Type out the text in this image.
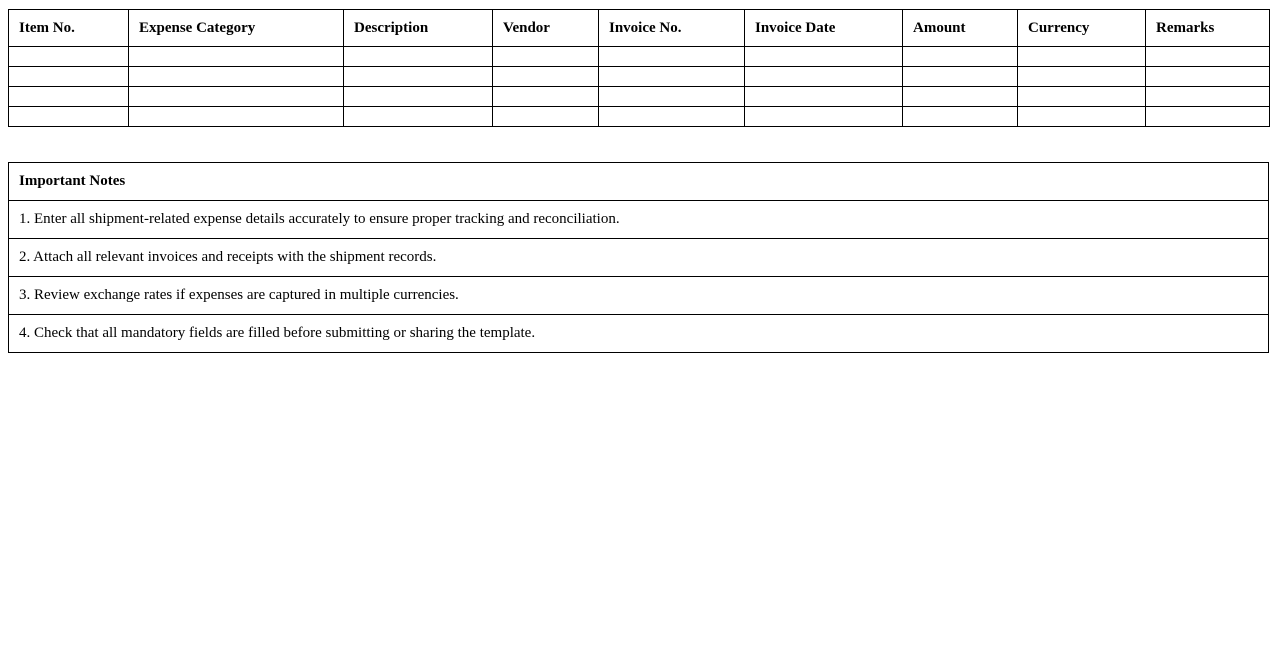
Item No.	Expense Category	Description	Vendor	Invoice No.	Invoice Date	Amount	Currency	Remarks

Important Notes
1. Enter all shipment-related expense details accurately to ensure proper tracking and reconciliation.
2. Attach all relevant invoices and receipts with the shipment records.
3. Review exchange rates if expenses are captured in multiple currencies.
4. Check that all mandatory fields are filled before submitting or sharing the template.
